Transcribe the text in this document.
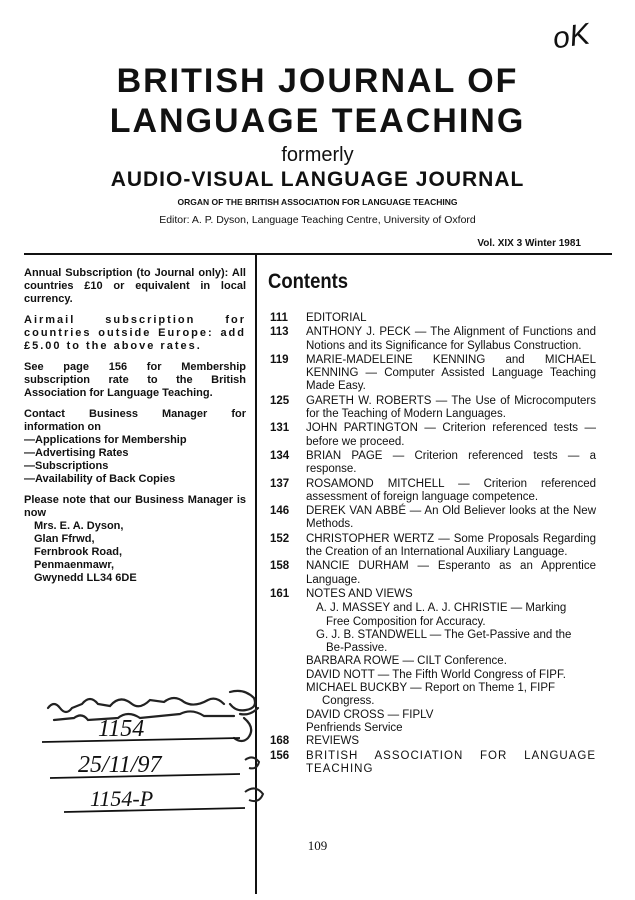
oK
BRITISH JOURNAL OF
LANGUAGE TEACHING
formerly
AUDIO-VISUAL LANGUAGE JOURNAL
ORGAN OF THE BRITISH ASSOCIATION FOR LANGUAGE TEACHING
Editor: A. P. Dyson, Language Teaching Centre, University of Oxford
Vol. XIX 3 Winter 1981

Annual Subscription (to Journal only): All countries £10 or equivalent in local currency.

Airmail subscription for countries outside Europe: add £5.00 to the above rates.

See page 156 for Membership subscription rate to the British Association for Language Teaching.

Contact Business Manager for information on

—Applications for Membership
—Advertising Rates
—Subscriptions
—Availability of Back Copies

Please note that our Business Manager is now

Mrs. E. A. Dyson,
Glan Ffrwd,
Fernbrook Road,
Penmaenmawr,
Gwynedd LL34 6DE
Contents
111	EDITORIAL
113	ANTHONY J. PECK — The Alignment of Functions and Notions and its Significance for Syllabus Construction.
119	MARIE-MADELEINE KENNING and MICHAEL KENNING — Computer Assisted Language Teaching Made Easy.
125	GARETH W. ROBERTS — The Use of Microcomputers for the Teaching of Modern Languages.
131	JOHN PARTINGTON — Criterion referenced tests — before we proceed.
134	BRIAN PAGE — Criterion referenced tests — a response.
137	ROSAMOND MITCHELL — Criterion referenced assessment of foreign language competence.
146	DEREK VAN ABBÉ — An Old Believer looks at the New Methods.
152	CHRISTOPHER WERTZ — Some Proposals Regarding the Creation of an International Auxiliary Language.
158	NANCIE DURHAM — Esperanto as an Apprentice Language.
161	NOTES AND VIEWS
A. J. MASSEY and L. A. J. CHRISTIE — Marking
Free Composition for Accuracy.
G. J. B. STANDWELL — The Get-Passive and the
Be-Passive.
BARBARA ROWE — CILT Conference.
DAVID NOTT — The Fifth World Congress of FIPF.
MICHAEL BUCKBY — Report on Theme 1, FIPF
Congress.
DAVID CROSS — FIPLV
Penfriends Service
168	REVIEWS
156	BRITISH ASSOCIATION FOR LANGUAGE TEACHING
1154
25/11/97
1154-P
109
